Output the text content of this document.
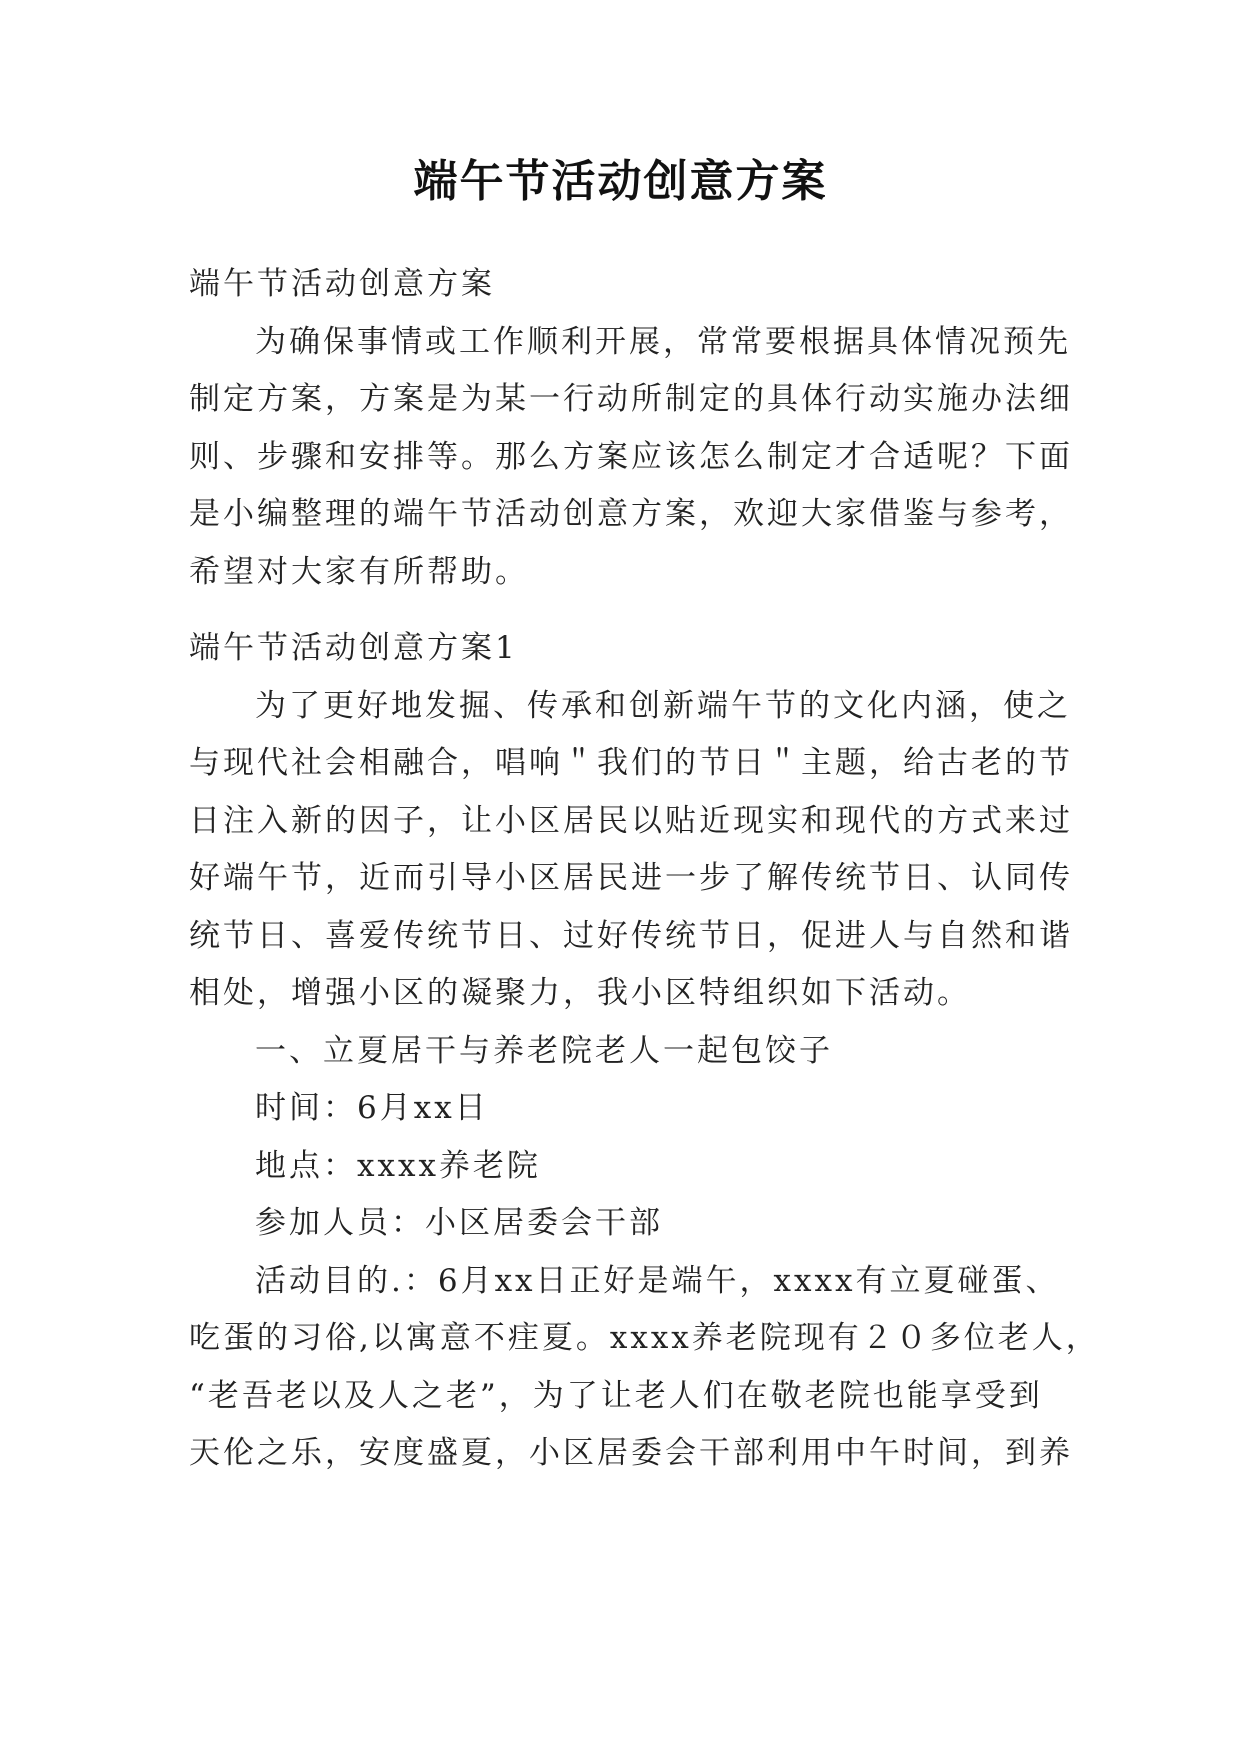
端午节活动创意方案
端午节活动创意方案
为确保事情或工作顺利开展，常常要根据具体情况预先
制定方案，方案是为某一行动所制定的具体行动实施办法细
则、步骤和安排等。那么方案应该怎么制定才合适呢？下面
是小编整理的端午节活动创意方案，欢迎大家借鉴与参考，
希望对大家有所帮助。
端午节活动创意方案1
为了更好地发掘、传承和创新端午节的文化内涵，使之
与现代社会相融合，唱响＂我们的节日＂主题，给古老的节
日注入新的因子，让小区居民以贴近现实和现代的方式来过
好端午节，近而引导小区居民进一步了解传统节日、认同传
统节日、喜爱传统节日、过好传统节日，促进人与自然和谐
相处，增强小区的凝聚力，我小区特组织如下活动。
一、立夏居干与养老院老人一起包饺子
时间：6月xx日
地点：xxxx养老院
参加人员：小区居委会干部
活动目的.：6月xx日正好是端午，xxxx有立夏碰蛋、
吃蛋的习俗,以寓意不疰夏。xxxx养老院现有２０多位老人，
“老吾老以及人之老”，为了让老人们在敬老院也能享受到
天伦之乐，安度盛夏，小区居委会干部利用中午时间，到养
